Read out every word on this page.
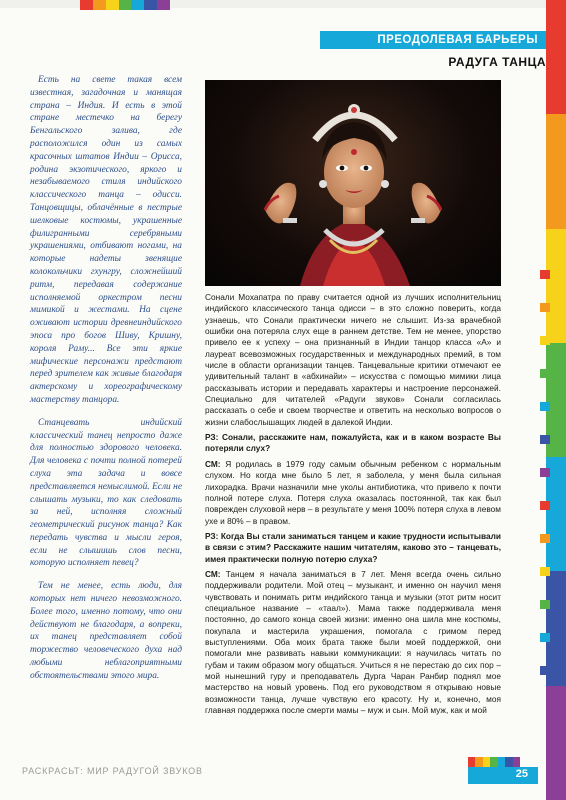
ПРЕОДОЛЕВАЯ БАРЬЕРЫ
РАДУГА ТАНЦА

Есть на свете такая всем известная, загадочная и манящая страна – Индия. И есть в этой стране местечко на берегу Бенгальского залива, где расположился один из самых красочных штатов Индии – Орисса, родина экзотического, яркого и незабываемого стиля индийского классического танца – одисси. Танцовщицы, облачённые в пестрые шелковые костюмы, украшенные филигранными серебряными украшениями, отбивают ногами, на которые надеты звенящие колокольчики гхунгру, сложнейший ритм, передавая содержание исполняемой оркестром песни мимикой и жестами. На сцене оживают истории древнеиндийского эпоса про богов Шиву, Кришну, короля Раму... Все эти яркие мифические персонажи предстают перед зрителем как живые благодаря актерскому и хореографическому мастерству танцора.

Станцевать индийский классический танец непросто даже для полностью здорового человека. Для человека с почти полной потерей слуха эта задача и вовсе представляется немыслимой. Если не слышать музыки, то как следовать за ней, исполняя сложный геометрический рисунок танца? Как передать чувства и мысли героя, если не слышишь слов песни, которую исполняет певец?

Тем не менее, есть люди, для которых нет ничего невозможного. Более того, именно потому, что они действуют не благодаря, а вопреки, их танец представляет собой торжество человеческого духа над любыми неблагоприятными обстоятельствами этого мира.

Сонали Мохапатра по праву считается одной из лучших исполнительниц индийского классического танца одисси – в это сложно поверить, когда узнаешь, что Сонали практически ничего не слышит. Из-за врачебной ошибки она потеряла слух еще в раннем детстве. Тем не менее, упорство привело ее к успеху – она признанный в Индии танцор класса «А» и лауреат всевозможных государственных и международных премий, в том числе в области организации танцев. Танцевальные критики отмечают ее удивительный талант в «абхинайи» – искусства с помощью мимики лица рассказывать истории и передавать характеры и настроение персонажей. Специально для читателей «Радуги звуков» Сонали согласилась рассказать о себе и своем творчестве и ответить на несколько вопросов о жизни слабослышащих людей в далекой Индии.

РЗ: Сонали, расскажите нам, пожалуйста, как и в каком возрасте Вы потеряли слух?

СМ: Я родилась в 1979 году самым обычным ребенком с нормальным слухом. Но когда мне было 5 лет, я заболела, у меня была сильная лихорадка. Врачи назначили мне уколы антибиотика, что привело к почти полной потере слуха. Потеря слуха оказалась постоянной, так как был поврежден слуховой нерв – в результате у меня 100% потеря слуха в левом ухе и 80% – в правом.

РЗ: Когда Вы стали заниматься танцем и какие трудности испытывали в связи с этим? Расскажите нашим читателям, каково это – танцевать, имея практически полную потерю слуха?

СМ: Танцем я начала заниматься в 7 лет. Меня всегда очень сильно поддерживали родители. Мой отец – музыкант, и именно он научил меня чувствовать и понимать ритм индийского танца и музыки (этот ритм носит специальное название – «таал»). Мама также поддерживала меня постоянно, до самого конца своей жизни: именно она шила мне костюмы, покупала и мастерила украшения, помогала с гримом перед выступлениями. Оба моих брата также были моей поддержкой, они помогали мне развивать навыки коммуникации: я научилась читать по губам и таким образом могу общаться. Учиться я не перестаю до сих пор – мой нынешний гуру и преподаватель Дурга Чаран Ранбир поднял мое мастерство на новый уровень. Под его руководством я открываю новые возможности танца, лучше чувствую его красоту. Ну и, конечно, моя главная поддержка после смерти мамы – муж и сын. Мой муж, как и мой

РАСКРАСЬТ: МИР РАДУГОЙ ЗВУКОВ	25
